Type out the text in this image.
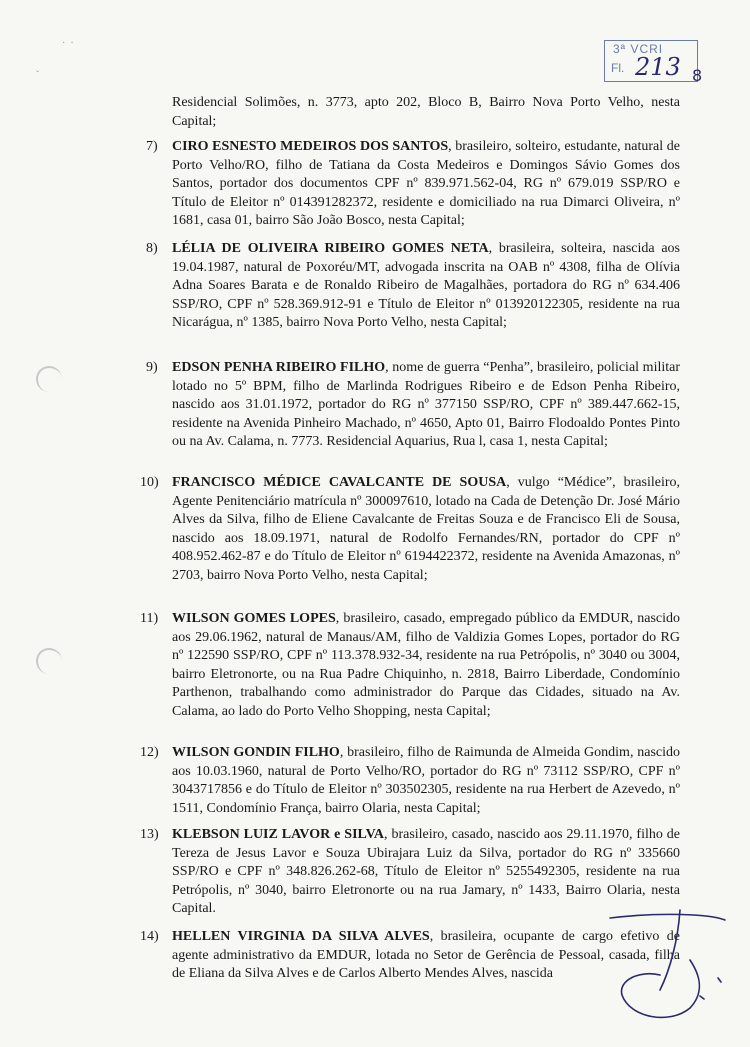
··
ˇ
3ª VCRI
Fl. 213 8
Residencial Solimões, n. 3773, apto 202, Bloco B, Bairro Nova Porto Velho, nesta Capital;
7) CIRO ESNESTO MEDEIROS DOS SANTOS, brasileiro, solteiro, estudante, natural de Porto Velho/RO, filho de Tatiana da Costa Medeiros e Domingos Sávio Gomes dos Santos, portador dos documentos CPF nº 839.971.562-04, RG nº 679.019 SSP/RO e Título de Eleitor nº 014391282372, residente e domiciliado na rua Dimarci Oliveira, nº 1681, casa 01, bairro São João Bosco, nesta Capital;
8) LÉLIA DE OLIVEIRA RIBEIRO GOMES NETA, brasileira, solteira, nascida aos 19.04.1987, natural de Poxoréu/MT, advogada inscrita na OAB nº 4308, filha de Olívia Adna Soares Barata e de Ronaldo Ribeiro de Magalhães, portadora do RG nº 634.406 SSP/RO, CPF nº 528.369.912-91 e Título de Eleitor nº 013920122305, residente na rua Nicarágua, nº 1385, bairro Nova Porto Velho, nesta Capital;
9) EDSON PENHA RIBEIRO FILHO, nome de guerra “Penha”, brasileiro, policial militar lotado no 5º BPM, filho de Marlinda Rodrigues Ribeiro e de Edson Penha Ribeiro, nascido aos 31.01.1972, portador do RG nº 377150 SSP/RO, CPF nº 389.447.662-15, residente na Avenida Pinheiro Machado, nº 4650, Apto 01, Bairro Flodoaldo Pontes Pinto ou na Av. Calama, n. 7773. Residencial Aquarius, Rua l, casa 1, nesta Capital;
10) FRANCISCO MÉDICE CAVALCANTE DE SOUSA, vulgo “Médice”, brasileiro, Agente Penitenciário matrícula nº 300097610, lotado na Cada de Detenção Dr. José Mário Alves da Silva, filho de Eliene Cavalcante de Freitas Souza e de Francisco Eli de Sousa, nascido aos 18.09.1971, natural de Rodolfo Fernandes/RN, portador do CPF nº 408.952.462-87 e do Título de Eleitor nº 6194422372, residente na Avenida Amazonas, nº 2703, bairro Nova Porto Velho, nesta Capital;
11) WILSON GOMES LOPES, brasileiro, casado, empregado público da EMDUR, nascido aos 29.06.1962, natural de Manaus/AM, filho de Valdizia Gomes Lopes, portador do RG nº 122590 SSP/RO, CPF nº 113.378.932-34, residente na rua Petrópolis, nº 3040 ou 3004, bairro Eletronorte, ou na Rua Padre Chiquinho, n. 2818, Bairro Liberdade, Condomínio Parthenon, trabalhando como administrador do Parque das Cidades, situado na Av. Calama, ao lado do Porto Velho Shopping, nesta Capital;
12) WILSON GONDIN FILHO, brasileiro, filho de Raimunda de Almeida Gondim, nascido aos 10.03.1960, natural de Porto Velho/RO, portador do RG nº 73112 SSP/RO, CPF nº 3043717856 e do Título de Eleitor nº 303502305, residente na rua Herbert de Azevedo, nº 1511, Condomínio França, bairro Olaria, nesta Capital;
13) KLEBSON LUIZ LAVOR e SILVA, brasileiro, casado, nascido aos 29.11.1970, filho de Tereza de Jesus Lavor e Souza Ubirajara Luiz da Silva, portador do RG nº 335660 SSP/RO e CPF nº 348.826.262-68, Título de Eleitor nº 5255492305, residente na rua Petrópolis, nº 3040, bairro Eletronorte ou na rua Jamary, nº 1433, Bairro Olaria, nesta Capital.
14) HELLEN VIRGINIA DA SILVA ALVES, brasileira, ocupante de cargo efetivo de agente administrativo da EMDUR, lotada no Setor de Gerência de Pessoal, casada, filha de Eliana da Silva Alves e de Carlos Alberto Mendes Alves, nascida
